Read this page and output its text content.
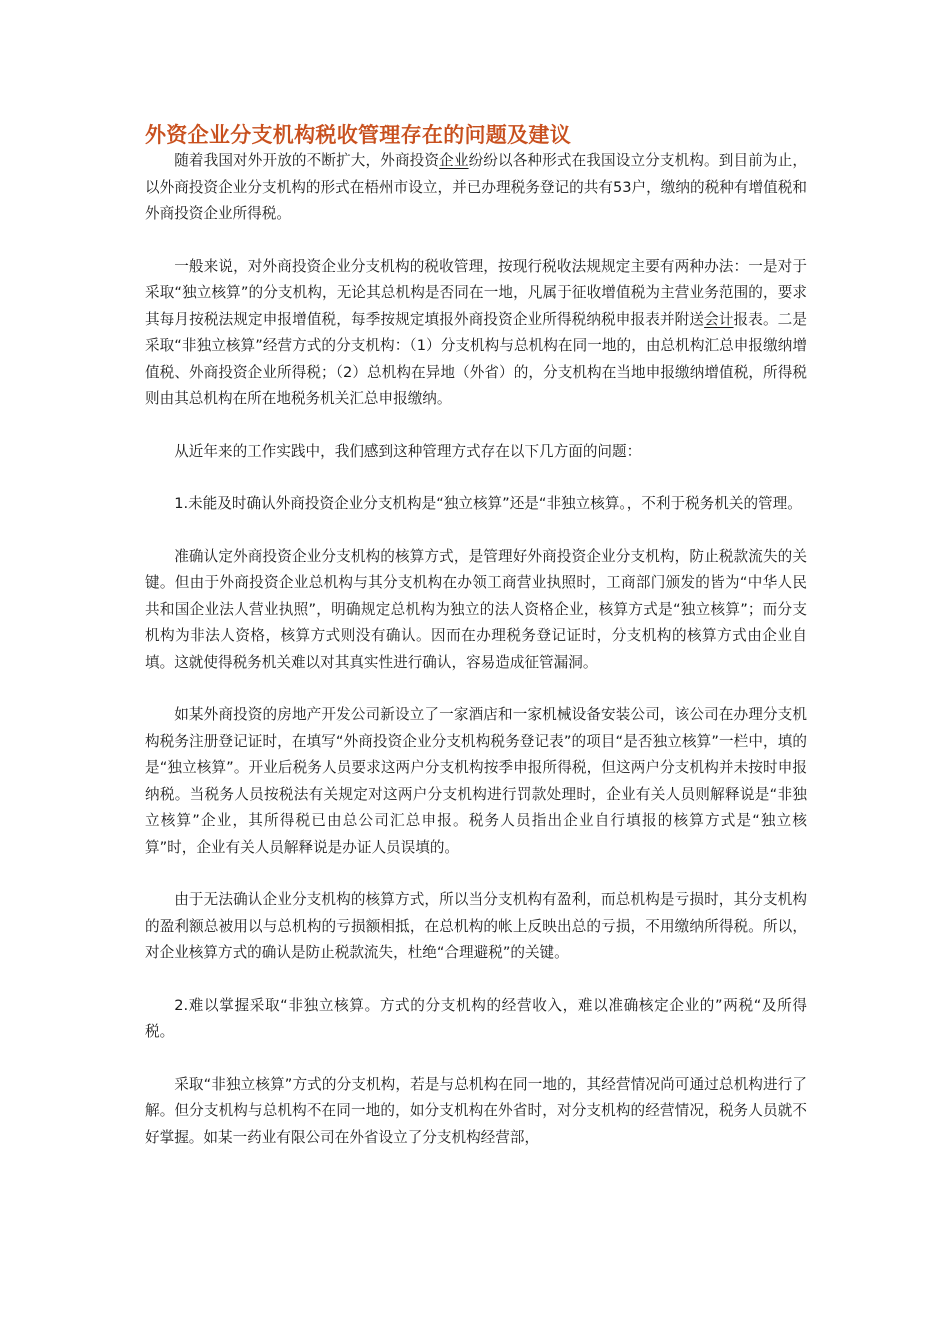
外资企业分支机构税收管理存在的问题及建议

随着我国对外开放的不断扩大，外商投资企业纷纷以各种形式在我国设立分支机构。到目前为止，以外商投资企业分支机构的形式在梧州市设立，并已办理税务登记的共有53户，缴纳的税种有增值税和外商投资企业所得税。

一般来说，对外商投资企业分支机构的税收管理，按现行税收法规规定主要有两种办法：一是对于采取“独立核算”的分支机构，无论其总机构是否同在一地，凡属于征收增值税为主营业务范围的，要求其每月按税法规定申报增值税，每季按规定填报外商投资企业所得税纳税申报表并附送会计报表。二是采取“非独立核算”经营方式的分支机构：（1）分支机构与总机构在同一地的，由总机构汇总申报缴纳增值税、外商投资企业所得税；（2）总机构在异地（外省）的，分支机构在当地申报缴纳增值税，所得税则由其总机构在所在地税务机关汇总申报缴纳。

从近年来的工作实践中，我们感到这种管理方式存在以下几方面的问题：

1.未能及时确认外商投资企业分支机构是“独立核算”还是“非独立核算。，不利于税务机关的管理。

准确认定外商投资企业分支机构的核算方式，是管理好外商投资企业分支机构，防止税款流失的关键。但由于外商投资企业总机构与其分支机构在办领工商营业执照时，工商部门颁发的皆为“中华人民共和国企业法人营业执照”，明确规定总机构为独立的法人资格企业，核算方式是“独立核算”；而分支机构为非法人资格，核算方式则没有确认。因而在办理税务登记证时，分支机构的核算方式由企业自填。这就使得税务机关难以对其真实性进行确认，容易造成征管漏洞。

如某外商投资的房地产开发公司新设立了一家酒店和一家机械设备安装公司，该公司在办理分支机构税务注册登记证时，在填写“外商投资企业分支机构税务登记表”的项目“是否独立核算”一栏中，填的是“独立核算”。开业后税务人员要求这两户分支机构按季申报所得税，但这两户分支机构并未按时申报纳税。当税务人员按税法有关规定对这两户分支机构进行罚款处理时，企业有关人员则解释说是“非独立核算”企业，其所得税已由总公司汇总申报。税务人员指出企业自行填报的核算方式是“独立核算”时，企业有关人员解释说是办证人员误填的。

由于无法确认企业分支机构的核算方式，所以当分支机构有盈利，而总机构是亏损时，其分支机构的盈利额总被用以与总机构的亏损额相抵，在总机构的帐上反映出总的亏损，不用缴纳所得税。所以，对企业核算方式的确认是防止税款流失，杜绝“合理避税”的关键。

2.难以掌握采取“非独立核算。方式的分支机构的经营收入，难以准确核定企业的”两税“及所得税。

采取“非独立核算”方式的分支机构，若是与总机构在同一地的，其经营情况尚可通过总机构进行了解。但分支机构与总机构不在同一地的，如分支机构在外省时，对分支机构的经营情况，税务人员就不好掌握。如某一药业有限公司在外省设立了分支机构经营部，
